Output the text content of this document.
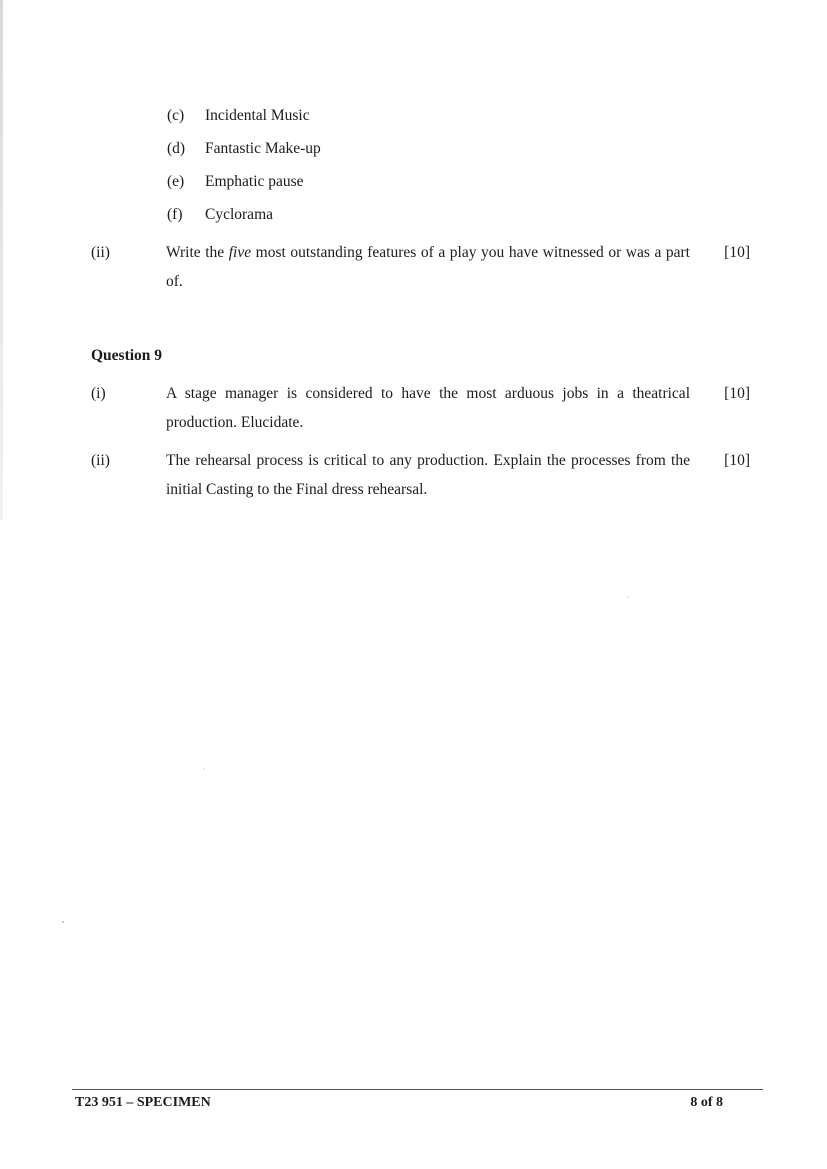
(c) Incidental Music
(d) Fantastic Make-up
(e) Emphatic pause
(f) Cyclorama
(ii)	Write the five most outstanding features of a play you have witnessed or was a part of.
[10]
Question 9
(i)	A stage manager is considered to have the most arduous jobs in a theatrical production. Elucidate.
[10]
(ii)	The rehearsal process is critical to any production. Explain the processes from the initial Casting to the Final dress rehearsal.
[10]
T23 951 – SPECIMEN	8 of 8
